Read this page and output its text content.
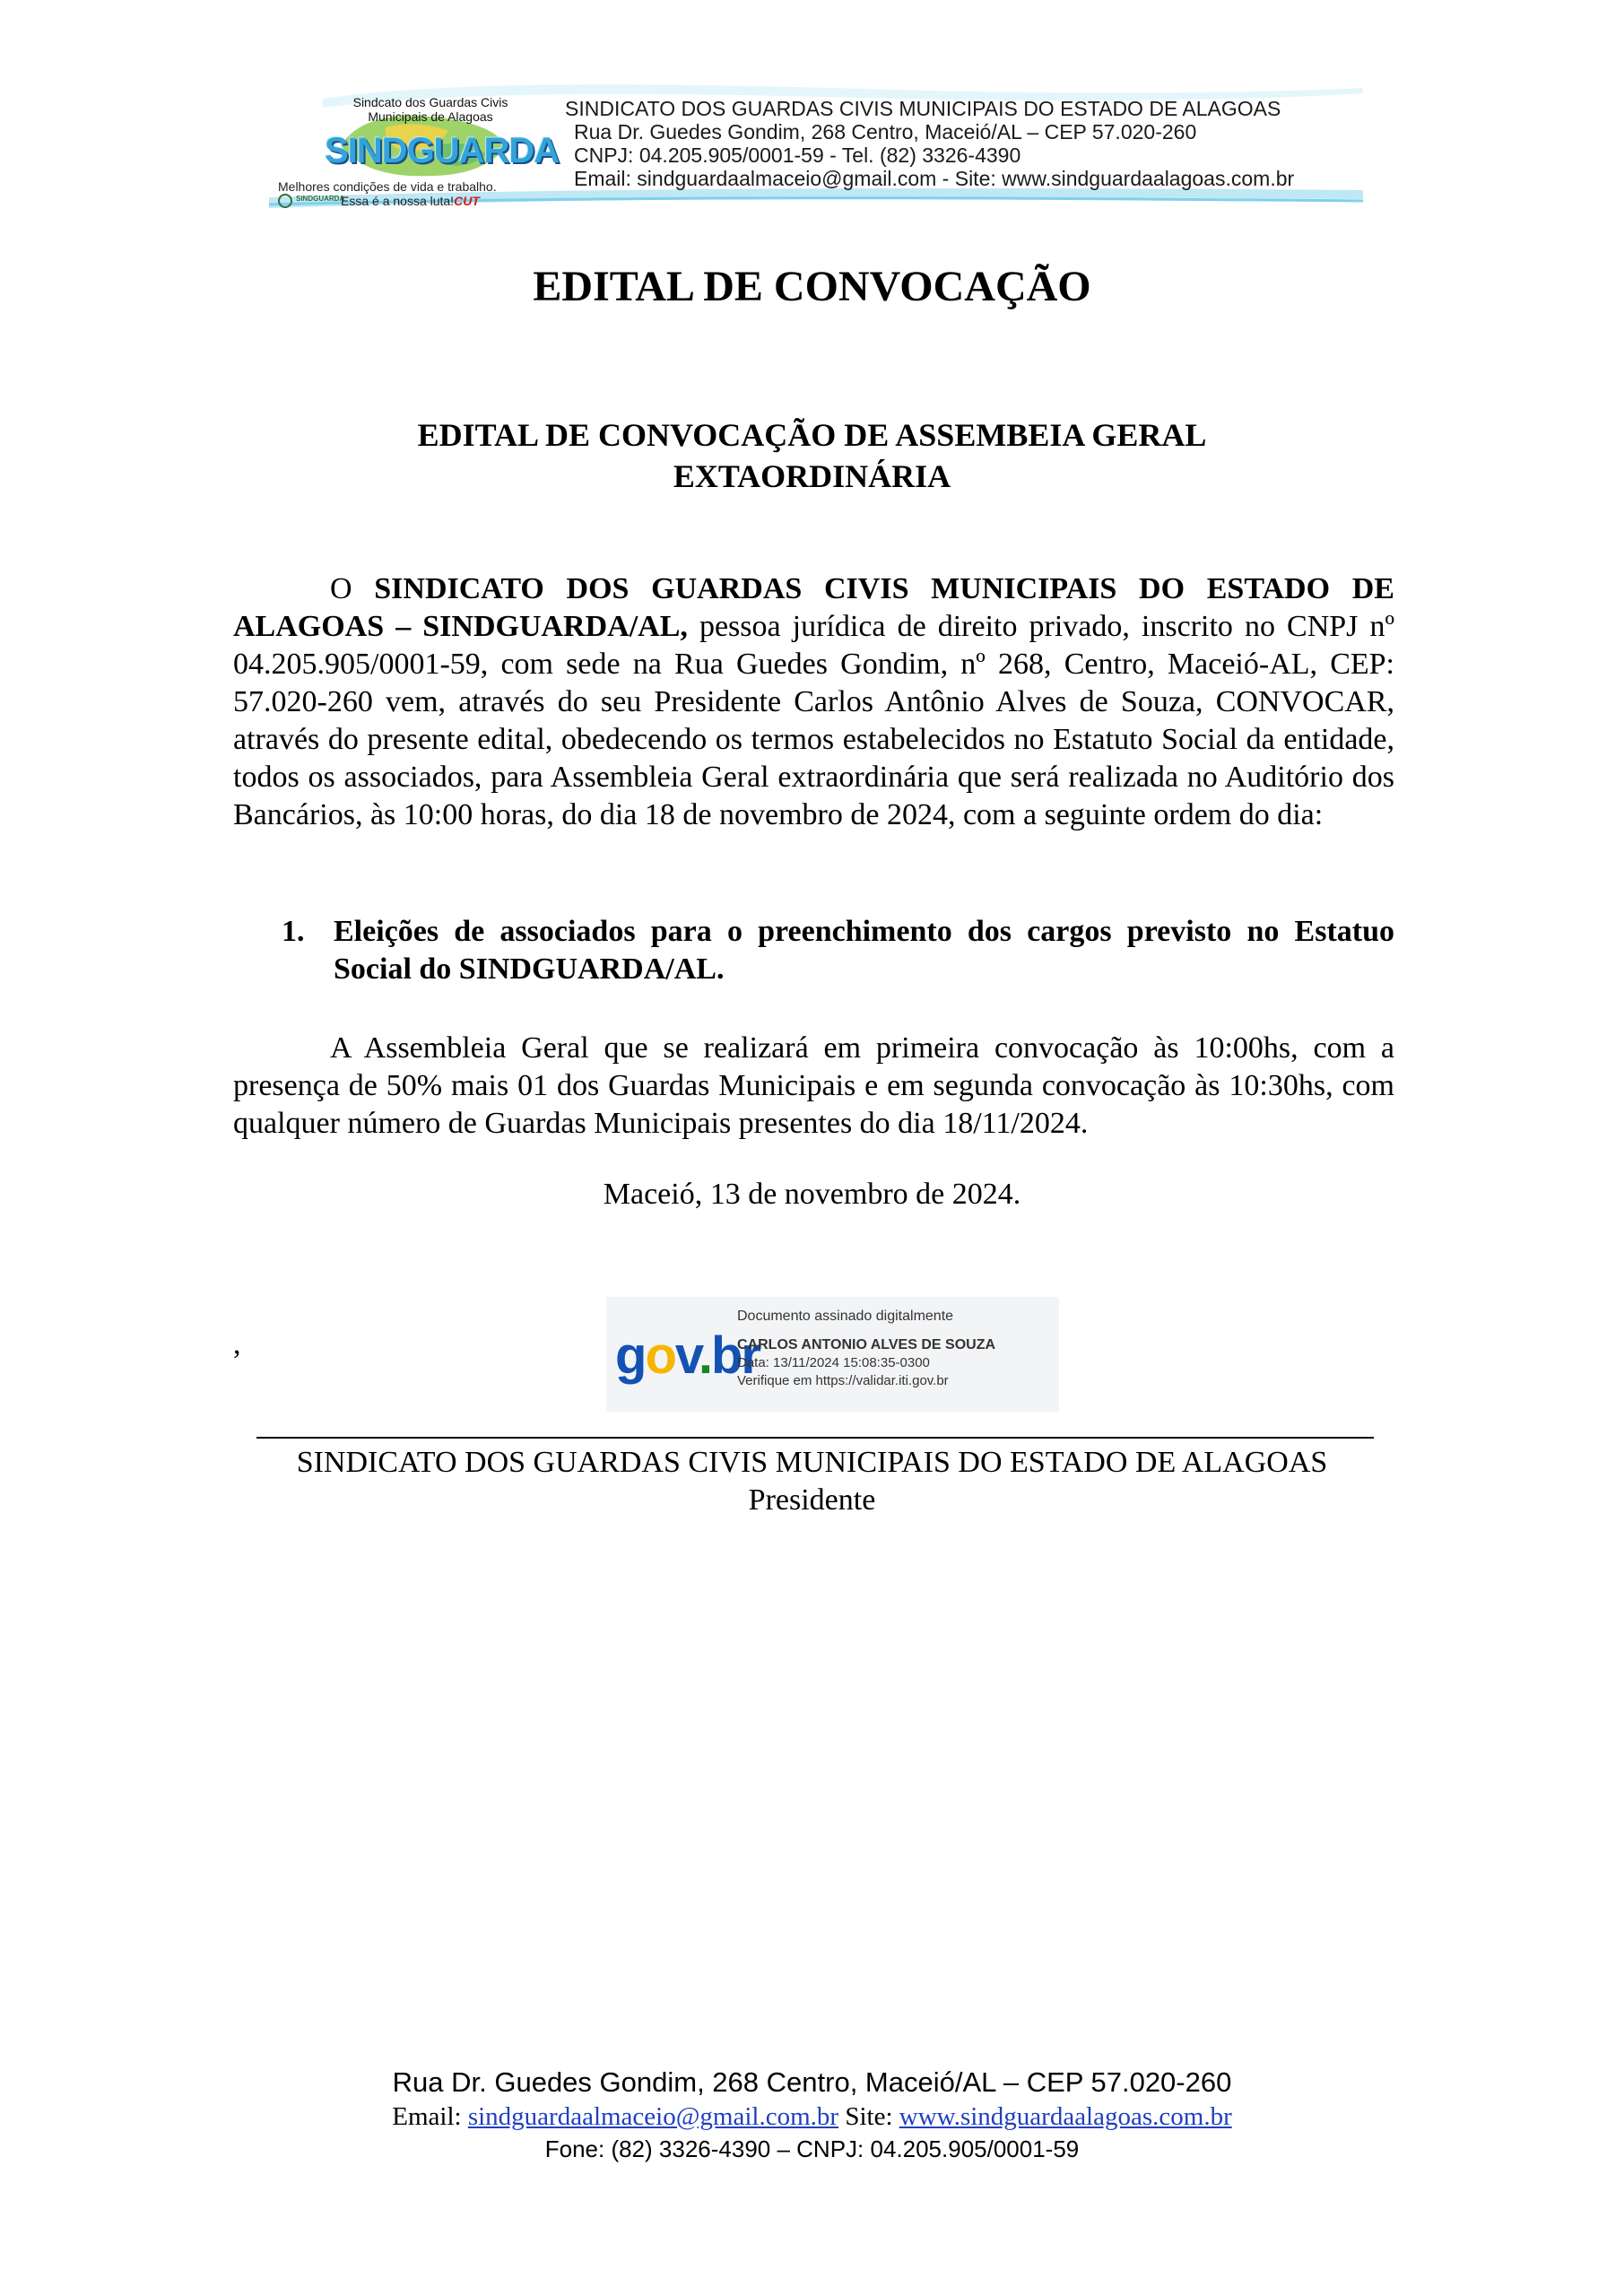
Sindcato dos Guardas Civis
Municipais de Alagoas
SINDGUARDA
Melhores condições de vida e trabalho.
SINDGUARDA
Essa é a nossa luta!CUT
SINDICATO DOS GUARDAS CIVIS MUNICIPAIS DO ESTADO DE ALAGOAS
Rua Dr. Guedes Gondim, 268 Centro, Maceió/AL – CEP 57.020-260
CNPJ: 04.205.905/0001-59 - Tel. (82) 3326-4390
Email: sindguardaalmaceio@gmail.com - Site: www.sindguardaalagoas.com.br
EDITAL DE CONVOCAÇÃO
EDITAL DE CONVOCAÇÃO DE ASSEMBEIA GERAL
EXTAORDINÁRIA
O SINDICATO DOS GUARDAS CIVIS MUNICIPAIS DO ESTADO DE ALAGOAS – SINDGUARDA/AL, pessoa jurídica de direito privado, inscrito no CNPJ nº 04.205.905/0001-59, com sede na Rua Guedes Gondim, nº 268, Centro, Maceió-AL, CEP: 57.020-260 vem, através do seu Presidente Carlos Antônio Alves de Souza, CONVOCAR, através do presente edital, obedecendo os termos estabelecidos no Estatuto Social da entidade, todos os associados, para Assembleia Geral extraordinária que será realizada no Auditório dos Bancários, às 10:00 horas, do dia 18 de novembro de 2024, com a seguinte ordem do dia:
1. Eleições de associados para o preenchimento dos cargos previsto no Estatuo Social do SINDGUARDA/AL.
A Assembleia Geral que se realizará em primeira convocação às 10:00hs, com a presença de 50% mais 01 dos Guardas Municipais e em segunda convocação às 10:30hs, com qualquer número de Guardas Municipais presentes do dia 18/11/2024.
Maceió, 13 de novembro de 2024.
,	gov.br
Documento assinado digitalmente
CARLOS ANTONIO ALVES DE SOUZA
Data: 13/11/2024 15:08:35-0300
Verifique em https://validar.iti.gov.br
SINDICATO DOS GUARDAS CIVIS MUNICIPAIS DO ESTADO DE ALAGOAS
Presidente
Rua Dr. Guedes Gondim, 268 Centro, Maceió/AL – CEP 57.020-260
Email: sindguardaalmaceio@gmail.com.br Site: www.sindguardaalagoas.com.br
Fone: (82) 3326-4390 – CNPJ: 04.205.905/0001-59
